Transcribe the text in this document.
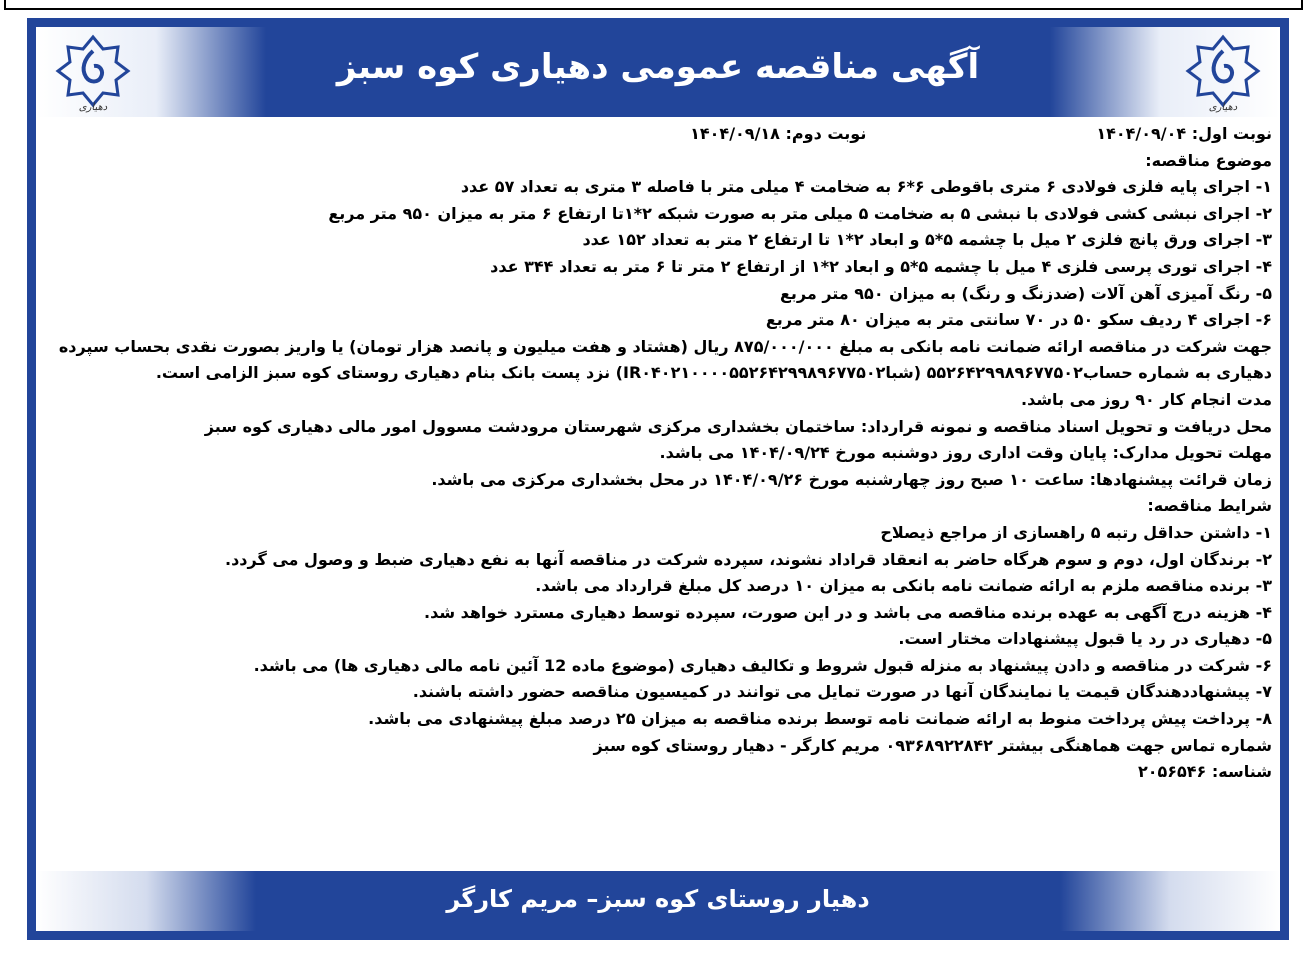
دهیاری
آگهی مناقصه عمومی دهیاری کوه سبز
دهیاری
نوبت اول: ۱۴۰۴/۰۹/۰۴
نوبت دوم: ۱۴۰۴/۰۹/۱۸
موضوع مناقصه:
۱- اجرای پایه فلزی فولادی ۶ متری باقوطی ۶*۶ به ضخامت ۴ میلی متر با فاصله ۳ متری به تعداد ۵۷ عدد
۲- اجرای نبشی کشی فولادی با نبشی ۵ به ضخامت ۵ میلی متر به صورت شبکه ۲*۱تا ارتفاع ۶ متر به میزان ۹۵۰ متر مربع
۳- اجرای ورق پانچ فلزی ۲ میل با چشمه ۵*۵ و ابعاد ۲*۱ تا ارتفاع ۲ متر به تعداد ۱۵۲ عدد
۴- اجرای توری پرسی فلزی ۴ میل با چشمه ۵*۵ و ابعاد ۲*۱ از ارتفاع ۲ متر تا ۶ متر به تعداد ۳۴۴ عدد
۵- رنگ آمیزی آهن آلات (ضدزنگ و رنگ) به میزان ۹۵۰ متر مربع
۶- اجرای ۴ ردیف سکو ۵۰ در ۷۰ سانتی متر به میزان ۸۰ متر مربع
جهت شرکت در مناقصه ارائه ضمانت نامه بانکی به مبلغ ۸۷۵/۰۰۰/۰۰۰ ریال (هشتاد و هفت میلیون و پانصد هزار تومان) یا واریز بصورت نقدی بحساب سپرده دهیاری به شماره حساب۵۵۲۶۴۲۹۹۸۹۶۷۷۵۰۲ (شباIR۰۴۰۲۱۰۰۰۰۵۵۲۶۴۲۹۹۸۹۶۷۷۵۰۲) نزد پست بانک بنام دهیاری روستای کوه سبز الزامی است.
مدت انجام کار ۹۰ روز می باشد.
محل دریافت و تحویل اسناد مناقصه و نمونه قرارداد: ساختمان بخشداری مرکزی شهرستان مرودشت مسوول امور مالی دهیاری کوه سبز
مهلت تحویل مدارک: پایان وقت اداری روز دوشنبه مورخ ۱۴۰۴/۰۹/۲۴ می باشد.
زمان قرائت پیشنهادها: ساعت ۱۰ صبح روز چهارشنبه مورخ ۱۴۰۴/۰۹/۲۶ در محل بخشداری مرکزی می باشد.
شرایط مناقصه:
۱- داشتن حداقل رتبه ۵ راهسازی از مراجع ذیصلاح
۲- برندگان اول، دوم و سوم هرگاه حاضر به انعقاد قراداد نشوند، سپرده شرکت در مناقصه آنها به نفع دهیاری ضبط و وصول می گردد.
۳- برنده مناقصه ملزم به ارائه ضمانت نامه بانکی به میزان ۱۰ درصد کل مبلغ قرارداد می باشد.
۴- هزینه درج آگهی به عهده برنده مناقصه می باشد و در این صورت، سپرده توسط دهیاری مسترد خواهد شد.
۵- دهیاری در رد یا قبول پیشنهادات مختار است.
۶- شرکت در مناقصه و دادن پیشنهاد به منزله قبول شروط و تکالیف دهیاری (موضوع ماده 12 آئین نامه مالی دهیاری ها) می باشد.
۷- پیشنهاددهندگان قیمت یا نمایندگان آنها در صورت تمایل می توانند در کمیسیون مناقصه حضور داشته باشند.
۸- پرداخت پیش پرداخت منوط به ارائه ضمانت نامه توسط برنده مناقصه به میزان ۲۵ درصد مبلغ پیشنهادی می باشد.
شماره تماس جهت هماهنگی بیشتر ۰۹۳۶۸۹۲۲۸۴۲ مریم کارگر - دهیار روستای کوه سبز
شناسه: ۲۰۵۶۵۴۶
دهیار روستای کوه سبز– مریم کارگر
